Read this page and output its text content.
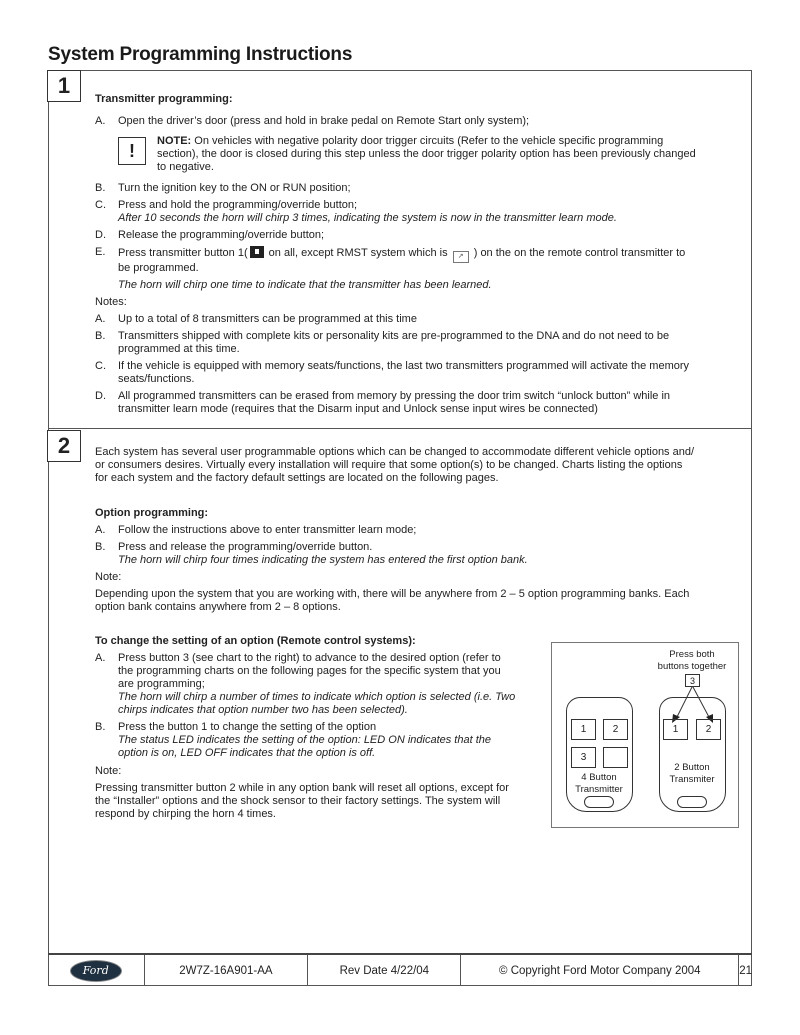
System Programming Instructions
1
Transmitter programming:
A. Open the driver’s door (press and hold in brake pedal on Remote Start only system);
!	NOTE: On vehicles with negative polarity door trigger circuits (Refer to the vehicle specific programming
section), the door is closed during this step unless the door trigger polarity option has been previously changed
to negative.
B. Turn the ignition key to the ON or RUN position;
C. Press and hold the programming/override button;
After 10 seconds the horn will chirp 3 times, indicating the system is now in the transmitter learn mode.
D. Release the programming/override button;
E. Press transmitter button 1( on all, except RMST system which is ↗ ) on the on the remote control transmitter to
be programmed.
The horn will chirp one time to indicate that the transmitter has been learned.
Notes:
A. Up to a total of 8 transmitters can be programmed at this time
B. Transmitters shipped with complete kits or personality kits are pre-programmed to the DNA and do not need to be
programmed at this time.
C. If the vehicle is equipped with memory seats/functions, the last two transmitters programmed will activate the memory
seats/functions.
D. All programmed transmitters can be erased from memory by pressing the door trim switch “unlock button” while in
transmitter learn mode (requires that the Disarm input and Unlock sense input wires be connected)
2	Each system has several user programmable options which can be changed to accommodate different vehicle options and/
or consumers desires. Virtually every installation will require that some option(s) to be changed. Charts listing the options
for each system and the factory default settings are located on the following pages.
Option programming:
A. Follow the instructions above to enter transmitter learn mode;
B. Press and release the programming/override button.
The horn will chirp four times indicating the system has entered the first option bank.
Note:
Depending upon the system that you are working with, there will be anywhere from 2 – 5 option programming banks. Each
option bank contains anywhere from 2 – 8 options.
To change the setting of an option (Remote control systems):
A. Press button 3 (see chart to the right) to advance to the desired option (refer to
the programming charts on the following pages for the specific system that you
are programming;
The horn will chirp a number of times to indicate which option is selected (i.e. Two
chirps indicates that option number two has been selected).
B. Press the button 1 to change the setting of the option
The status LED indicates the setting of the option: LED ON indicates that the
option is on, LED OFF indicates that the option is off.
Note:
Pressing transmitter button 2 while in any option bank will reset all options, except for
the “Installer” options and the shock sensor to their factory settings. The system will
respond by chirping the horn 4 times.
Press both
buttons together
3
1	2
3
4 Button
Transmitter
1	2
2 Button
Transmiter
Ford	2W7Z-16A901-AA	Rev Date 4/22/04	© Copyright Ford Motor Company 2004	21
